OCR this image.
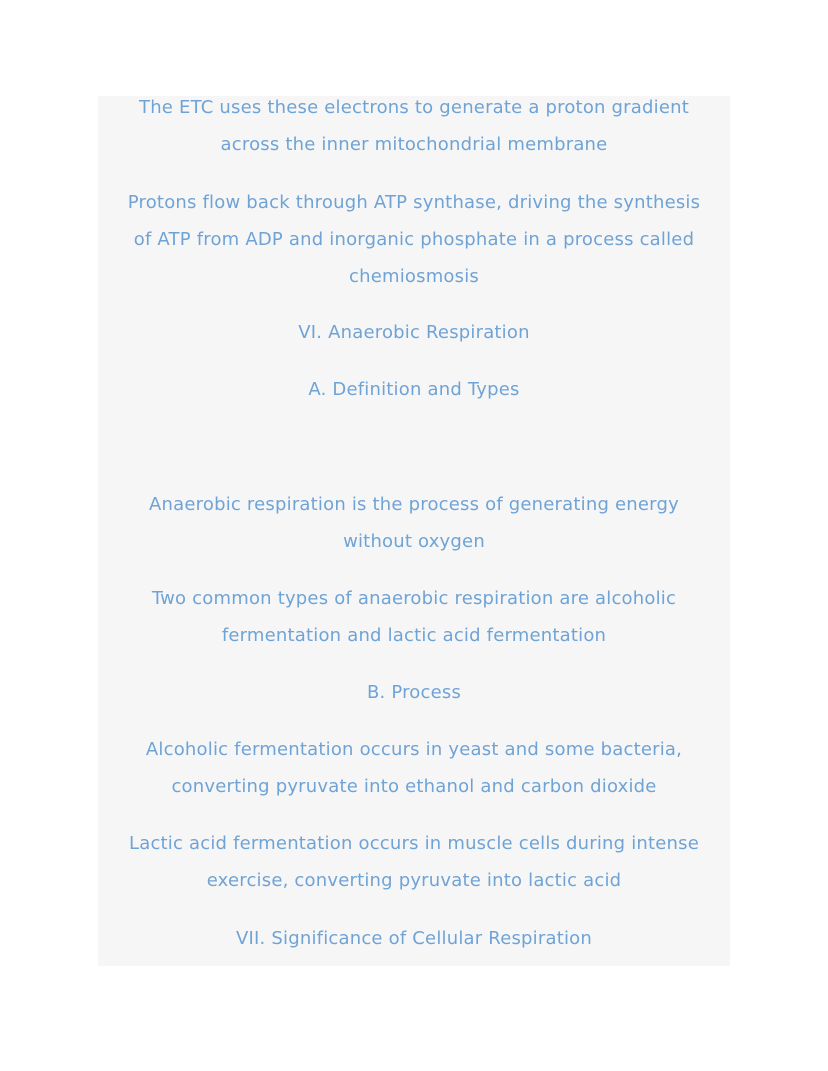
The ETC uses these electrons to generate a proton gradient
across the inner mitochondrial membrane

Protons flow back through ATP synthase, driving the synthesis
of ATP from ADP and inorganic phosphate in a process called
chemiosmosis

VI. Anaerobic Respiration

A. Definition and Types

Anaerobic respiration is the process of generating energy
without oxygen

Two common types of anaerobic respiration are alcoholic
fermentation and lactic acid fermentation

B. Process

Alcoholic fermentation occurs in yeast and some bacteria,
converting pyruvate into ethanol and carbon dioxide

Lactic acid fermentation occurs in muscle cells during intense
exercise, converting pyruvate into lactic acid

VII. Significance of Cellular Respiration
